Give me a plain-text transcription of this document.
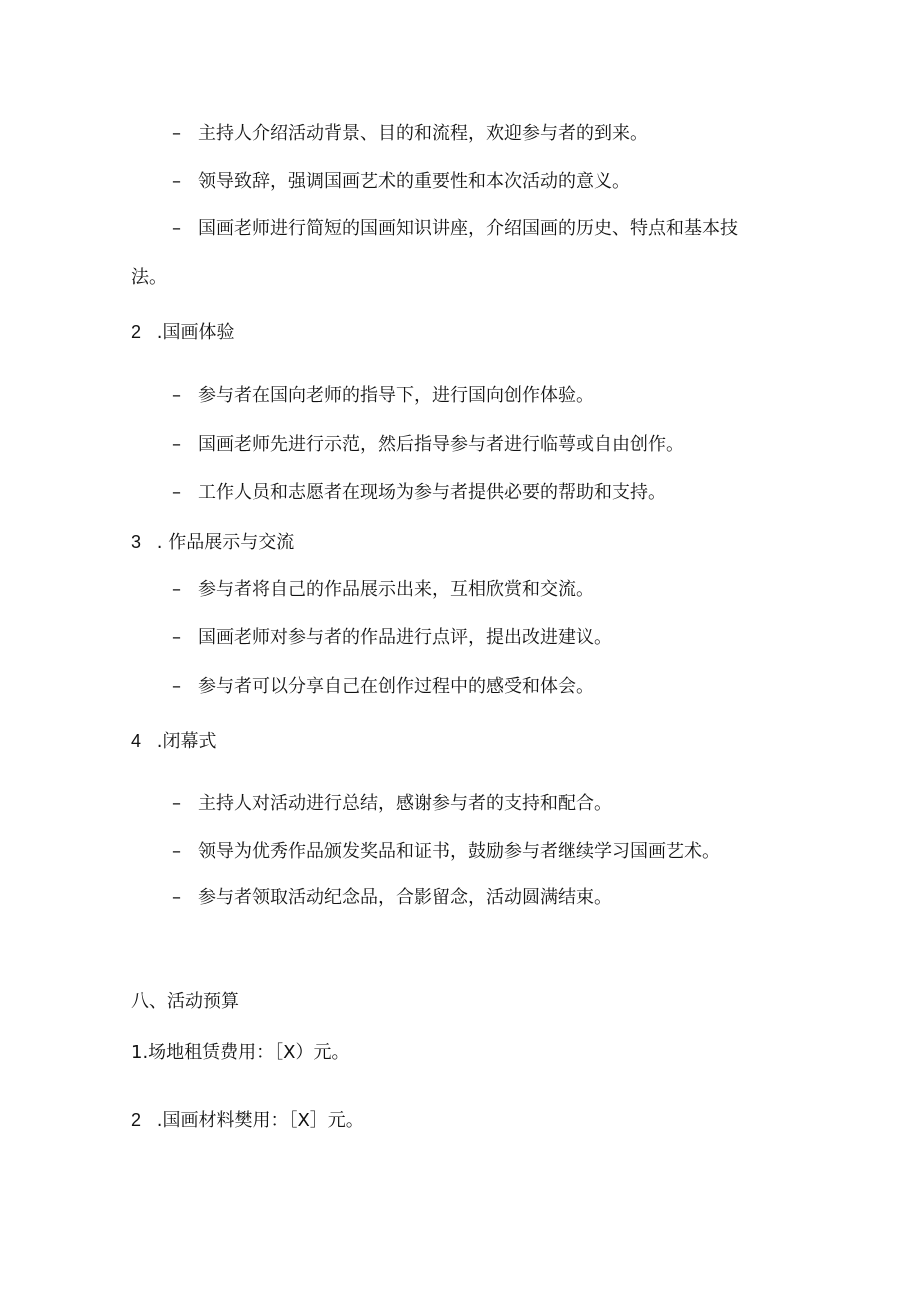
– 主持人介绍活动背景、目的和流程，欢迎参与者的到来。
– 领导致辞，强调国画艺术的重要性和本次活动的意义。
– 国画老师进行简短的国画知识讲座，介绍国画的历史、特点和基本技
法。
2 .国画体验
– 参与者在国向老师的指导下，进行国向创作体验。
– 国画老师先进行示范，然后指导参与者进行临萼或自由创作。
– 工作人员和志愿者在现场为参与者提供必要的帮助和支持。
3 . 作品展示与交流
– 参与者将自己的作品展示出来，互相欣赏和交流。
– 国画老师对参与者的作品进行点评，提出改进建议。
– 参与者可以分享自己在创作过程中的感受和体会。
4 .闭幕式
– 主持人对活动进行总结，感谢参与者的支持和配合。
– 领导为优秀作品颁发奖品和证书，鼓励参与者继续学习国画艺术。
– 参与者领取活动纪念品，合影留念，活动圆满结束。
八、活动预算
1.场地租赁费用：［X）元。
2 .国画材料樊用：［X］元。
